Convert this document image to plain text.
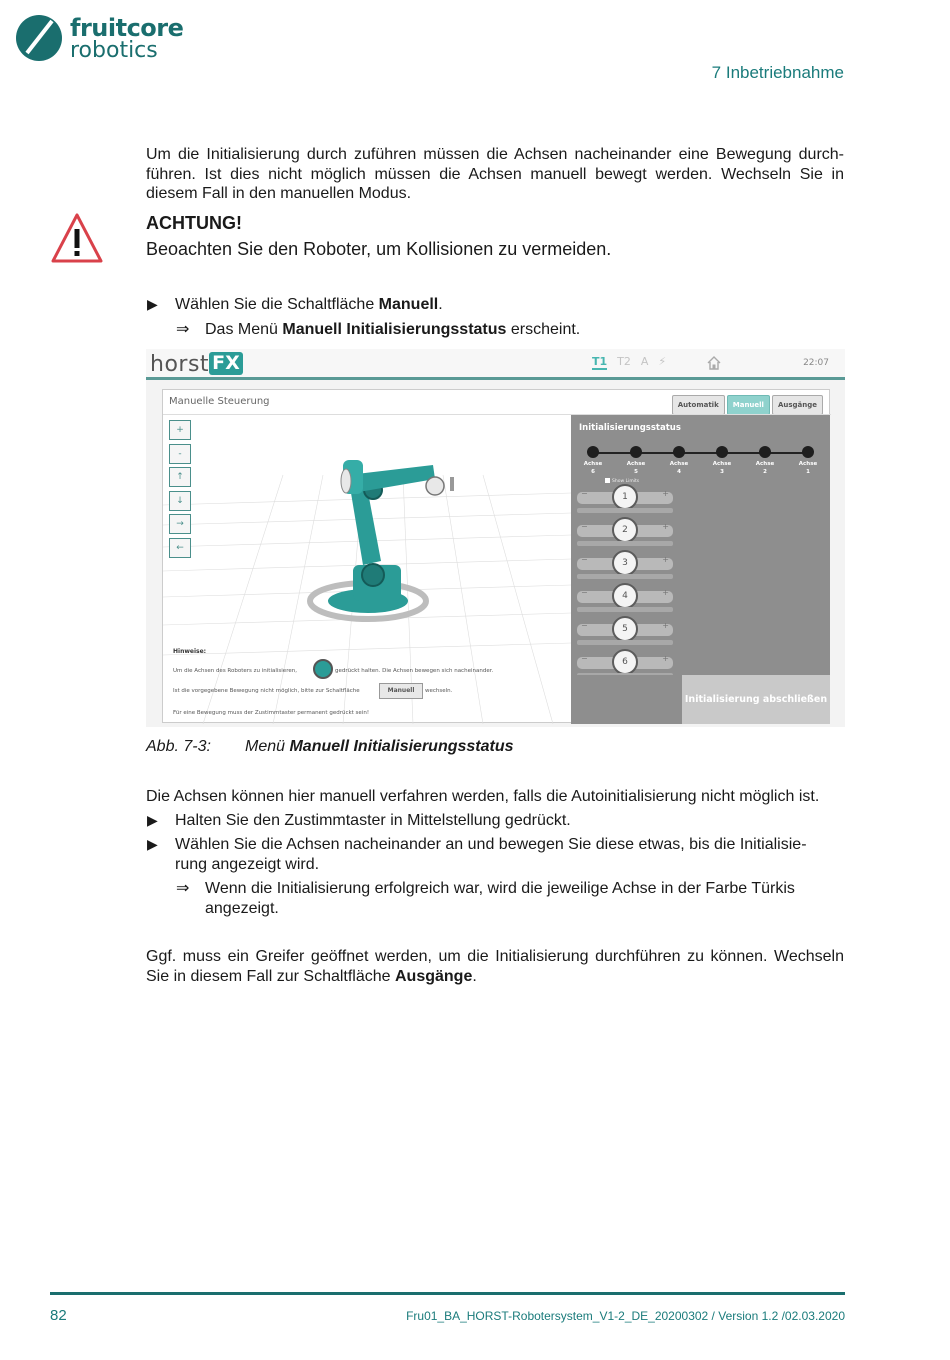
fruitcore
robotics
7 Inbetriebnahme
Um die Initialisierung durch zuführen müssen die Achsen nacheinander eine Bewegung durch-
führen. Ist dies nicht möglich müssen die Achsen manuell bewegt werden. Wechseln Sie in
diesem Fall in den manuellen Modus.
ACHTUNG!
Beoachten Sie den Roboter, um Kollisionen zu vermeiden.
▶ Wählen Sie die Schaltfläche Manuell.
⇒ Das Menü Manuell Initialisierungsstatus erscheint.
horst FX	T1 T2 A ⚡	22:07
Manuelle Steuerung	Automatik Manuell Ausgänge
+
-
↑
↓
→
←
Hinweise:
Um die Achsen des Roboters zu initialisieren,	gedrückt halten. Die Achsen bewegen sich nacheinander.
Ist die vorgegebene Bewegung nicht möglich, bitte zur Schaltfläche	Manuell	wechseln.
Für eine Bewegung muss der Zustimmtaster permanent gedrückt sein!
Initialisierungsstatus
Achse
6
Achse
5
Achse
4
Achse
3
Achse
2
Achse
1
Show Limits
−	+
1
−	+
2
−	+
3
−	+
4
−	+
5
−	+
6
Initialisierung abschließen
Abb. 7-3: Menü Manuell Initialisierungsstatus
Die Achsen können hier manuell verfahren werden, falls die Autoinitialisierung nicht möglich ist.
▶ Halten Sie den Zustimmtaster in Mittelstellung gedrückt.
▶ Wählen Sie die Achsen nacheinander an und bewegen Sie diese etwas, bis die Initialisie-
rung angezeigt wird.
⇒ Wenn die Initialisierung erfolgreich war, wird die jeweilige Achse in der Farbe Türkis
angezeigt.
Ggf. muss ein Greifer geöffnet werden, um die Initialisierung durchführen zu können. Wechseln
Sie in diesem Fall zur Schaltfläche Ausgänge.
82	Fru01_BA_HORST-Robotersystem_V1-2_DE_20200302 / Version 1.2 /02.03.2020
